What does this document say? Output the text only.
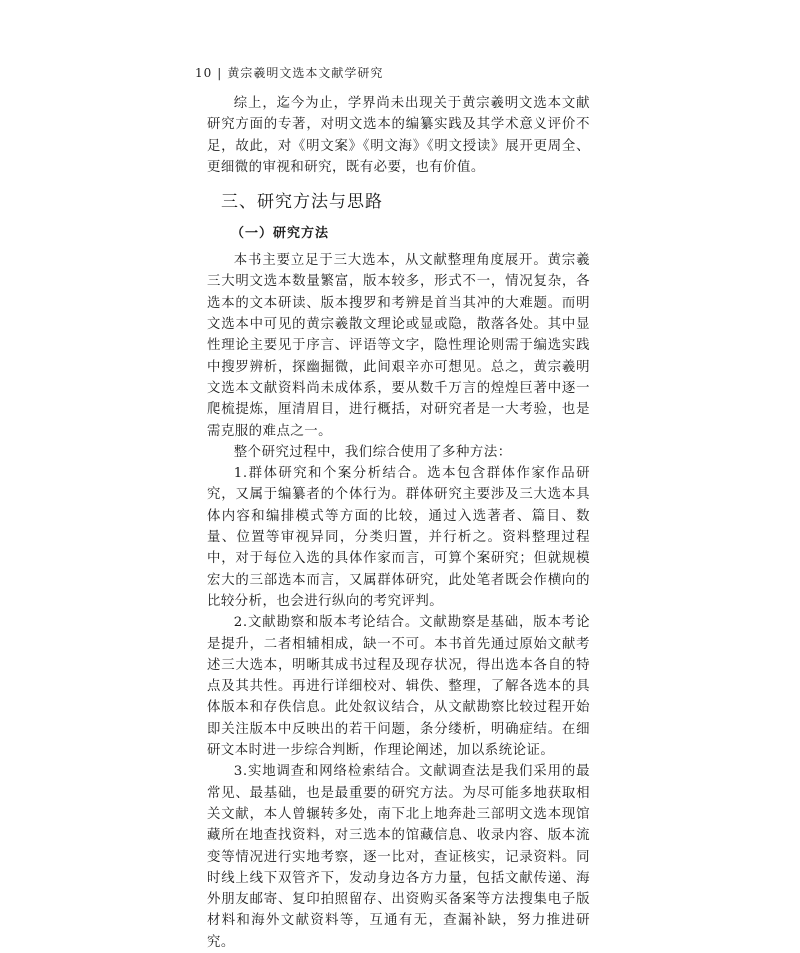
10 | 黄宗羲明文选本文献学研究

综上，迄今为止，学界尚未出现关于黄宗羲明文选本文献研究方面的专著，对明文选本的编纂实践及其学术意义评价不足，故此，对《明文案》《明文海》《明文授读》展开更周全、更细微的审视和研究，既有必要，也有价值。

三、研究方法与思路
（一）研究方法

本书主要立足于三大选本，从文献整理角度展开。黄宗羲三大明文选本数量繁富，版本较多，形式不一，情况复杂，各选本的文本研读、版本搜罗和考辨是首当其冲的大难题。而明文选本中可见的黄宗羲散文理论或显或隐，散落各处。其中显性理论主要见于序言、评语等文字，隐性理论则需于编选实践中搜罗辨析，探幽掘微，此间艰辛亦可想见。总之，黄宗羲明文选本文献资料尚未成体系，要从数千万言的煌煌巨著中逐一爬梳提炼，厘清眉目，进行概括，对研究者是一大考验，也是需克服的难点之一。

整个研究过程中，我们综合使用了多种方法：

1.群体研究和个案分析结合。选本包含群体作家作品研究，又属于编纂者的个体行为。群体研究主要涉及三大选本具体内容和编排模式等方面的比较，通过入选著者、篇目、数量、位置等审视异同，分类归置，并行析之。资料整理过程中，对于每位入选的具体作家而言，可算个案研究；但就规模宏大的三部选本而言，又属群体研究，此处笔者既会作横向的比较分析，也会进行纵向的考究评判。

2.文献勘察和版本考论结合。文献勘察是基础，版本考论是提升，二者相辅相成，缺一不可。本书首先通过原始文献考述三大选本，明晰其成书过程及现存状况，得出选本各自的特点及其共性。再进行详细校对、辑佚、整理，了解各选本的具体版本和存佚信息。此处叙议结合，从文献勘察比较过程开始即关注版本中反映出的若干问题，条分缕析，明确症结。在细研文本时进一步综合判断，作理论阐述，加以系统论证。

3.实地调查和网络检索结合。文献调查法是我们采用的最常见、最基础，也是最重要的研究方法。为尽可能多地获取相关文献，本人曾辗转多处，南下北上地奔赴三部明文选本现馆藏所在地查找资料，对三选本的馆藏信息、收录内容、版本流变等情况进行实地考察，逐一比对，查证核实，记录资料。同时线上线下双管齐下，发动身边各方力量，包括文献传递、海外朋友邮寄、复印拍照留存、出资购买备案等方法搜集电子版材料和海外文献资料等，互通有无，查漏补缺，努力推进研究。
